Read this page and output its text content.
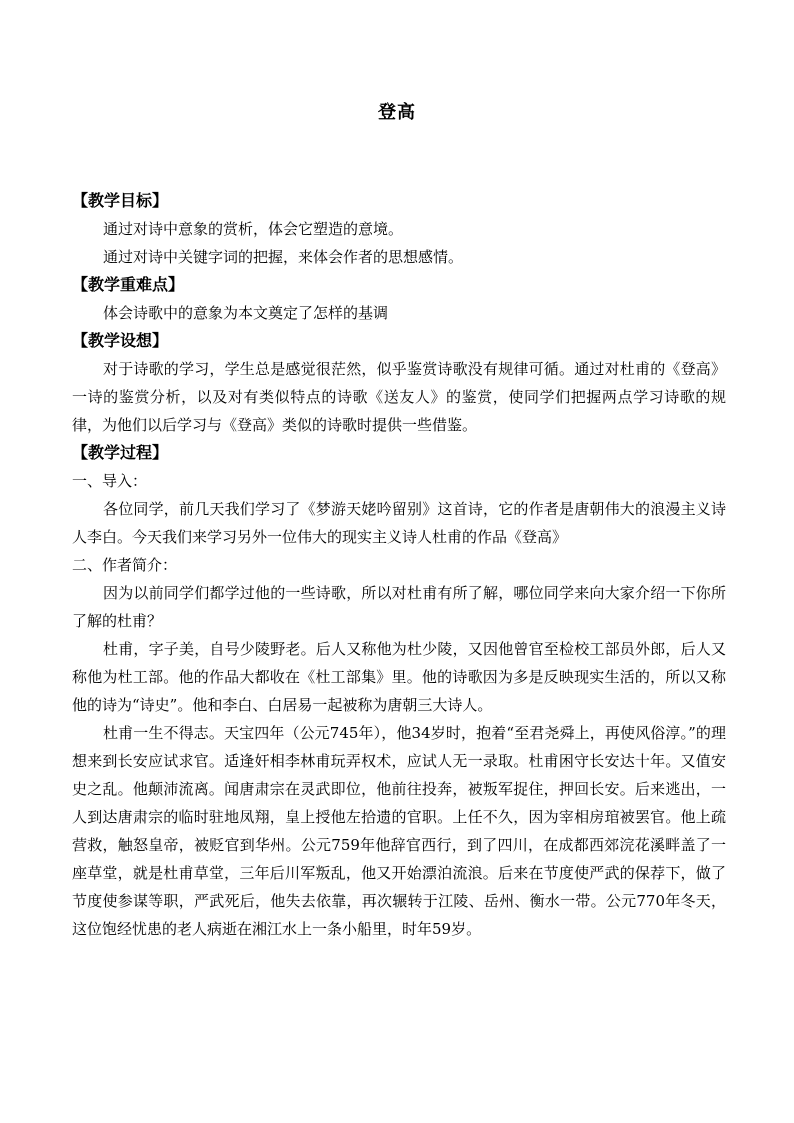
登高
【教学目标】

通过对诗中意象的赏析，体会它塑造的意境。

通过对诗中关键字词的把握，来体会作者的思想感情。

【教学重难点】

体会诗歌中的意象为本文奠定了怎样的基调

【教学设想】

对于诗歌的学习，学生总是感觉很茫然，似乎鉴赏诗歌没有规律可循。通过对杜甫的《登高》一诗的鉴赏分析，以及对有类似特点的诗歌《送友人》的鉴赏，使同学们把握两点学习诗歌的规律，为他们以后学习与《登高》类似的诗歌时提供一些借鉴。

【教学过程】

一、导入：

各位同学，前几天我们学习了《梦游天姥吟留别》这首诗，它的作者是唐朝伟大的浪漫主义诗人李白。今天我们来学习另外一位伟大的现实主义诗人杜甫的作品《登高》

二、作者简介：

因为以前同学们都学过他的一些诗歌，所以对杜甫有所了解，哪位同学来向大家介绍一下你所了解的杜甫？

杜甫，字子美，自号少陵野老。后人又称他为杜少陵，又因他曾官至检校工部员外郎，后人又称他为杜工部。他的作品大都收在《杜工部集》里。他的诗歌因为多是反映现实生活的，所以又称他的诗为“诗史”。他和李白、白居易一起被称为唐朝三大诗人。

杜甫一生不得志。天宝四年（公元745年），他34岁时，抱着“至君尧舜上，再使风俗淳。”的理想来到长安应试求官。适逢奸相李林甫玩弄权术，应试人无一录取。杜甫困守长安达十年。又值安史之乱。他颠沛流离。闻唐肃宗在灵武即位，他前往投奔，被叛军捉住，押回长安。后来逃出，一人到达唐肃宗的临时驻地凤翔，皇上授他左拾遗的官职。上任不久，因为宰相房琯被罢官。他上疏营救，触怒皇帝，被贬官到华州。公元759年他辞官西行，到了四川，在成都西郊浣花溪畔盖了一座草堂，就是杜甫草堂，三年后川军叛乱，他又开始漂泊流浪。后来在节度使严武的保荐下，做了节度使参谋等职，严武死后，他失去依靠，再次辗转于江陵、岳州、衡水一带。公元770年冬天，这位饱经忧患的老人病逝在湘江水上一条小船里，时年59岁。
